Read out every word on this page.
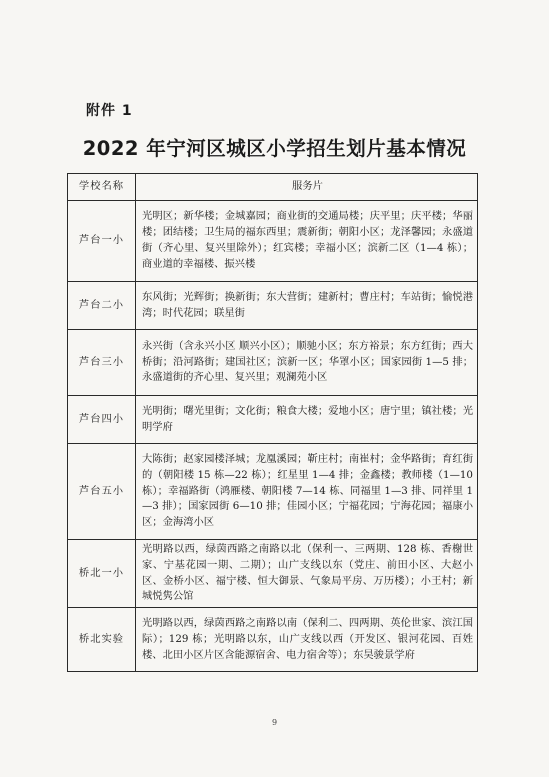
附件 1
2022 年宁河区城区小学招生划片基本情况
学校名称	服务片
芦台一小	光明区；新华楼；金城嘉园；商业街的交通局楼；庆平里；庆平楼；华丽楼；团结楼；卫生局的福东西里；震新街；朝阳小区；龙泽馨园；永盛道街（齐心里、复兴里除外）；红宾楼；幸福小区；滨新二区（1—4 栋）；商业道的幸福楼、振兴楼
芦台二小	东风街；光辉街；换新街；东大营街；建新村；曹庄村；车站街；愉悦港湾；时代花园；联星街
芦台三小	永兴街（含永兴小区 顺兴小区）；顺驰小区；东方裕景；东方红街；西大桥街；沿河路街；建国社区；滨新一区；华罩小区；国家园街 1—5 排；永盛道街的齐心里、复兴里；观澜苑小区
芦台四小	光明街；曙光里街；文化街；粮食大楼；爱地小区；唐宁里；镇社楼；光明学府
芦台五小	大陈街；赵家园楼泽城；龙凰溪园；靳庄村；南崔村；金华路街；育红街的（朝阳楼 15 栋—22 栋）；红星里 1—4 排；金鑫楼；教师楼（1—10 栋）；幸福路街（鸿雁楼、朝阳楼 7—14 栋、同福里 1—3 排、同祥里 1—3 排）；国家园街 6—10 排；佳园小区；宁福花园；宁海花园；福康小区；金海湾小区
桥北一小	光明路以西，绿茵西路之南路以北（保利一、三两期、128 栋、香榭世家、宁基花园一期、二期）；山广支线以东（党庄、前田小区、大赵小区、金桥小区、福宁楼、恒大御景、气象局平房、万历楼）；小王村；新城悦隽公馆
桥北实验	光明路以西，绿茵西路之南路以南（保利二、四两期、英伦世家、滨江国际）；129 栋；光明路以东，山广支线以西（开发区、银河花园、百姓楼、北田小区片区含能源宿舍、电力宿舍等）；东昊骏景学府
9
